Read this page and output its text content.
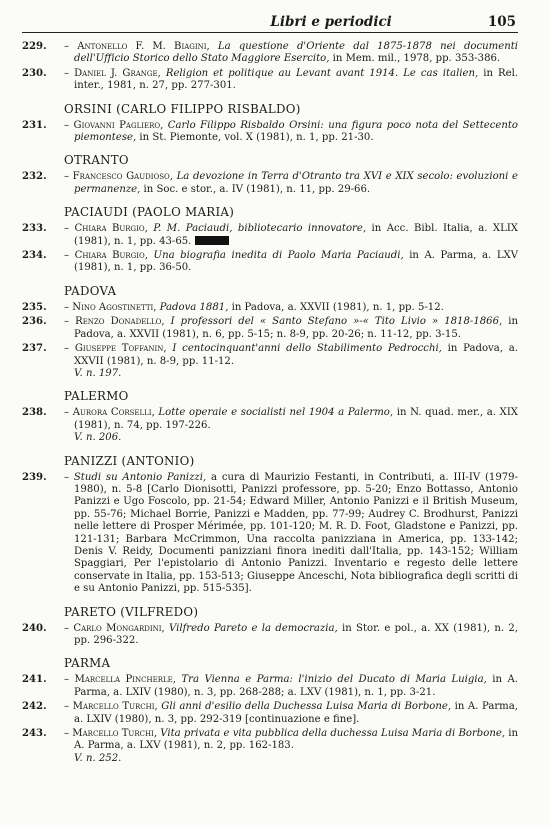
Libri e periodici	105
229. – Antonello F. M. Biagini, La questione d'Oriente dal 1875-1878 nei documenti dell'Ufficio Storico dello Stato Maggiore Esercito, in Mem. mil., 1978, pp. 353-386.
230. – Daniel J. Grange, Religion et politique au Levant avant 1914. Le cas italien, in Rel. inter., 1981, n. 27, pp. 277-301.
ORSINI (CARLO FILIPPO RISBALDO)
231. – Giovanni Pagliero, Carlo Filippo Risbaldo Orsini: una figura poco nota del Settecento piemontese, in St. Piemonte, vol. X (1981), n. 1, pp. 21-30.
OTRANTO
232. – Francesco Gaudioso, La devozione in Terra d'Otranto tra XVI e XIX secolo: evoluzioni e permanenze, in Soc. e stor., a. IV (1981), n. 11, pp. 29-66.
PACIAUDI (PAOLO MARIA)
233. – Chiara Burgio, P. M. Paciaudi, bibliotecario innovatore, in Acc. Bibl. Italia, a. XLIX (1981), n. 1, pp. 43-65.
234. – Chiara Burgio, Una biografia inedita di Paolo Maria Paciaudi, in A. Parma, a. LXV (1981), n. 1, pp. 36-50.
PADOVA
235. – Nino Agostinetti, Padova 1881, in Padova, a. XXVII (1981), n. 1, pp. 5-12.
236. – Renzo Donadello, I professori del « Santo Stefano »-« Tito Livio » 1818-1866, in Padova, a. XXVII (1981), n. 6, pp. 5-15; n. 8-9, pp. 20-26; n. 11-12, pp. 3-15.
237. – Giuseppe Toffanin, I centocinquant'anni dello Stabilimento Pedrocchi, in Padova, a. XXVII (1981), n. 8-9, pp. 11-12.
V. n. 197.
PALERMO
238. – Aurora Corselli, Lotte operaie e socialisti nel 1904 a Palermo, in N. quad. mer., a. XIX (1981), n. 74, pp. 197-226.
V. n. 206.
PANIZZI (ANTONIO)
239. – Studi su Antonio Panizzi, a cura di Maurizio Festanti, in Contributi, a. III-IV (1979-1980), n. 5-8 [Carlo Dionisotti, Panizzi professore, pp. 5-20; Enzo Bottasso, Antonio Panizzi e Ugo Foscolo, pp. 21-54; Edward Miller, Antonio Panizzi e il British Museum, pp. 55-76; Michael Borrie, Panizzi e Madden, pp. 77-99; Audrey C. Brodhurst, Panizzi nelle lettere di Prosper Mérimée, pp. 101-120; M. R. D. Foot, Gladstone e Panizzi, pp. 121-131; Barbara McCrimmon, Una raccolta panizziana in America, pp. 133-142; Denis V. Reidy, Documenti panizziani finora inediti dall'Italia, pp. 143-152; William Spaggiari, Per l'epistolario di Antonio Panizzi. Inventario e regesto delle lettere conservate in Italia, pp. 153-513; Giuseppe Anceschi, Nota bibliografica degli scritti di e su Antonio Panizzi, pp. 515-535].
PARETO (VILFREDO)
240. – Carlo Mongardini, Vilfredo Pareto e la democrazia, in Stor. e pol., a. XX (1981), n. 2, pp. 296-322.
PARMA
241. – Marcella Pincherle, Tra Vienna e Parma: l'inizio del Ducato di Maria Luigia, in A. Parma, a. LXIV (1980), n. 3, pp. 268-288; a. LXV (1981), n. 1, pp. 3-21.
242. – Marcello Turchi, Gli anni d'esilio della Duchessa Luisa Maria di Borbone, in A. Parma, a. LXIV (1980), n. 3, pp. 292-319 [continuazione e fine].
243. – Marcello Turchi, Vita privata e vita pubblica della duchessa Luisa Maria di Borbone, in A. Parma, a. LXV (1981), n. 2, pp. 162-183.
V. n. 252.
